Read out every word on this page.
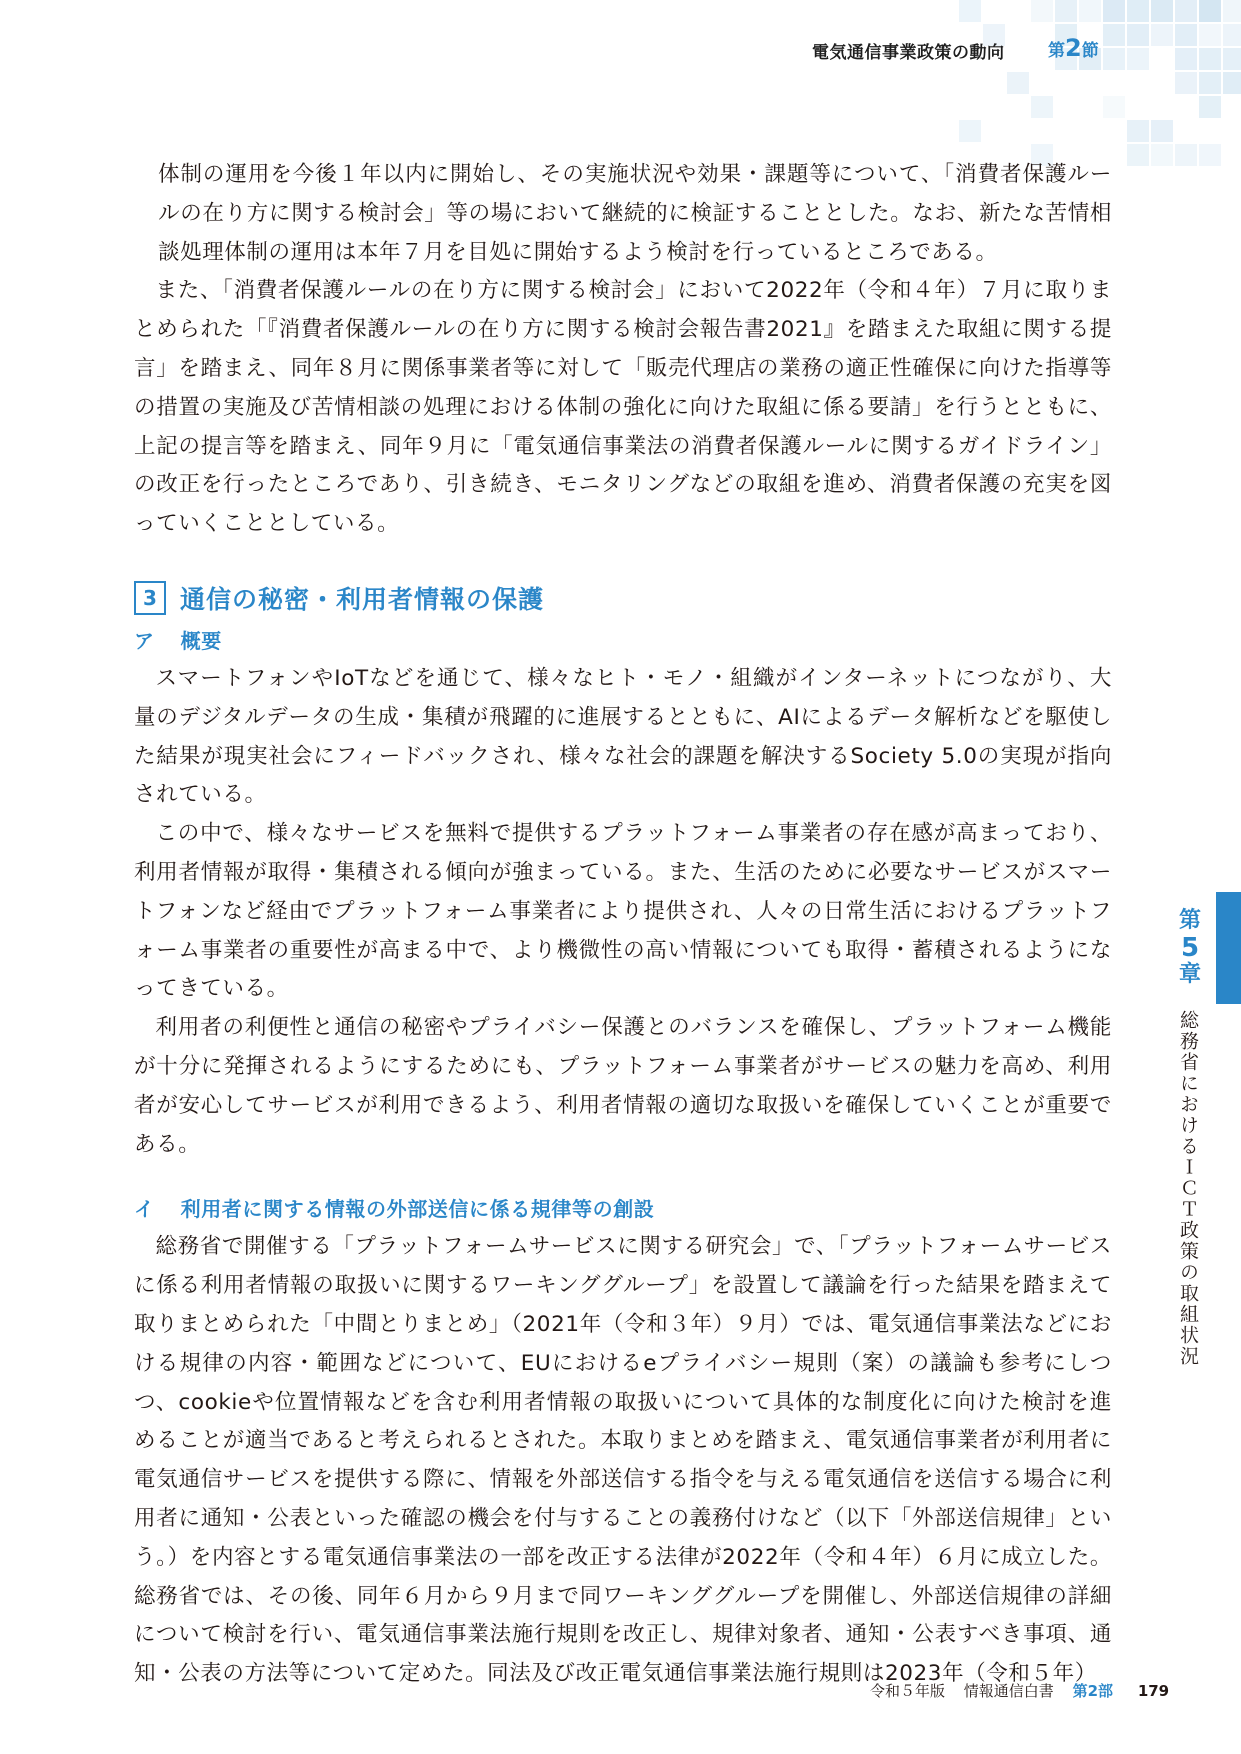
電気通信事業政策の動向	第2節

体制の運用を今後１年以内に開始し、その実施状況や効果・課題等について、「消費者保護ルールの在り方に関する検討会」等の場において継続的に検証することとした。なお、新たな苦情相談処理体制の運用は本年７月を目処に開始するよう検討を行っているところである。

また、「消費者保護ルールの在り方に関する検討会」において2022年（令和４年）７月に取りまとめられた「『消費者保護ルールの在り方に関する検討会報告書2021』を踏まえた取組に関する提言」を踏まえ、同年８月に関係事業者等に対して「販売代理店の業務の適正性確保に向けた指導等の措置の実施及び苦情相談の処理における体制の強化に向けた取組に係る要請」を行うとともに、上記の提言等を踏まえ、同年９月に「電気通信事業法の消費者保護ルールに関するガイドライン」の改正を行ったところであり、引き続き、モニタリングなどの取組を進め、消費者保護の充実を図っていくこととしている。

3 通信の秘密・利用者情報の保護
ア 概要

スマートフォンやIoTなどを通じて、様々なヒト・モノ・組織がインターネットにつながり、大量のデジタルデータの生成・集積が飛躍的に進展するとともに、AIによるデータ解析などを駆使した結果が現実社会にフィードバックされ、様々な社会的課題を解決するSociety 5.0の実現が指向されている。

この中で、様々なサービスを無料で提供するプラットフォーム事業者の存在感が高まっており、利用者情報が取得・集積される傾向が強まっている。また、生活のために必要なサービスがスマートフォンなど経由でプラットフォーム事業者により提供され、人々の日常生活におけるプラットフォーム事業者の重要性が高まる中で、より機微性の高い情報についても取得・蓄積されるようになってきている。

利用者の利便性と通信の秘密やプライバシー保護とのバランスを確保し、プラットフォーム機能が十分に発揮されるようにするためにも、プラットフォーム事業者がサービスの魅力を高め、利用者が安心してサービスが利用できるよう、利用者情報の適切な取扱いを確保していくことが重要である。

イ 利用者に関する情報の外部送信に係る規律等の創設

総務省で開催する「プラットフォームサービスに関する研究会」で、「プラットフォームサービスに係る利用者情報の取扱いに関するワーキンググループ」を設置して議論を行った結果を踏まえて取りまとめられた「中間とりまとめ」（2021年（令和３年）９月）では、電気通信事業法などにおける規律の内容・範囲などについて、EUにおけるeプライバシー規則（案）の議論も参考にしつつ、cookieや位置情報などを含む利用者情報の取扱いについて具体的な制度化に向けた検討を進めることが適当であると考えられるとされた。本取りまとめを踏まえ、電気通信事業者が利用者に電気通信サービスを提供する際に、情報を外部送信する指令を与える電気通信を送信する場合に利用者に通知・公表といった確認の機会を付与することの義務付けなど（以下「外部送信規律」という。）を内容とする電気通信事業法の一部を改正する法律が2022年（令和４年）６月に成立した。総務省では、その後、同年６月から９月まで同ワーキンググループを開催し、外部送信規律の詳細について検討を行い、電気通信事業法施行規則を改正し、規律対象者、通知・公表すべき事項、通知・公表の方法等について定めた。同法及び改正電気通信事業法施行規則は2023年（令和５年）

第
5
章
総務省におけるＩＣＴ政策の取組状況
令和５年版 情報通信白書 第2部 179
